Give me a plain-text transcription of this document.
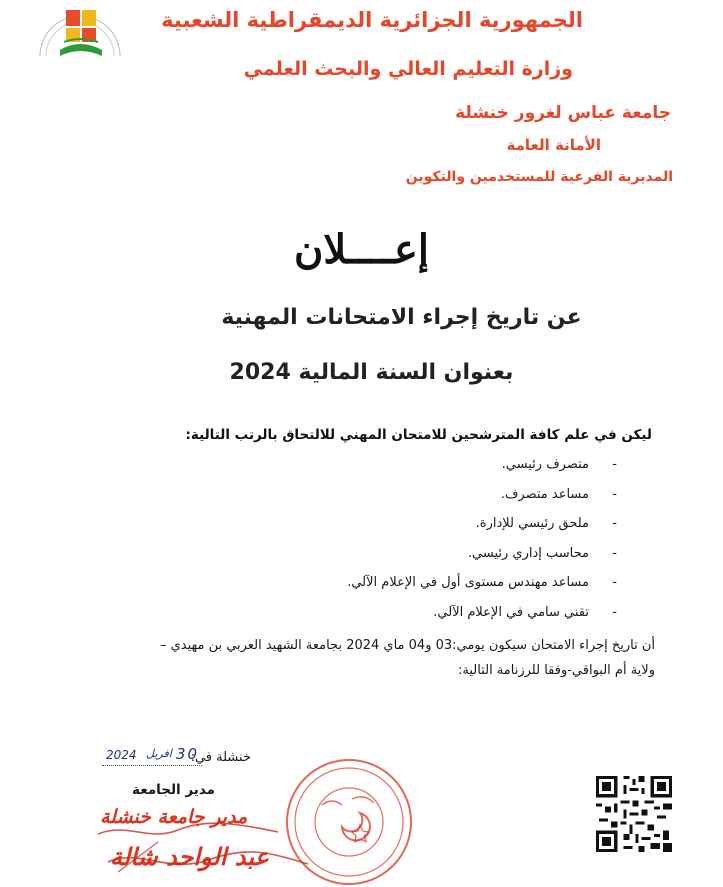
الجمهورية الجزائرية الديمقراطية الشعبية
وزارة التعليم العالي والبحث العلمي
جامعة عباس لغرور خنشلة
الأمانة العامة
المديرية الفرعية للمستخدمين والتكوين
إعــــلان
عن تاريخ إجراء الامتحانات المهنية
بعنوان السنة المالية 2024
ليكن في علم كافة المترشحين للامتحان المهني للالتحاق بالرتب التالية:
-
متصرف رئيسي.
-
مساعد متصرف.
-
ملحق رئيسي للإدارة.
-
محاسب إداري رئيسي.
-
مساعد مهندس مستوى أول في الإعلام الآلي.
-
تقني سامي في الإعلام الآلي.
أن تاريخ إجراء الامتحان سيكون يومي:03 و04 ماي 2024 بجامعة الشهيد العربي بن مهيدي –
ولاية أم البواقي-وفقا للرزنامة التالية:
خنشلة في:
2024 افريل 30
مدير الجامعة
مدير جامعة خنشلة
عبد الواحد شالة
